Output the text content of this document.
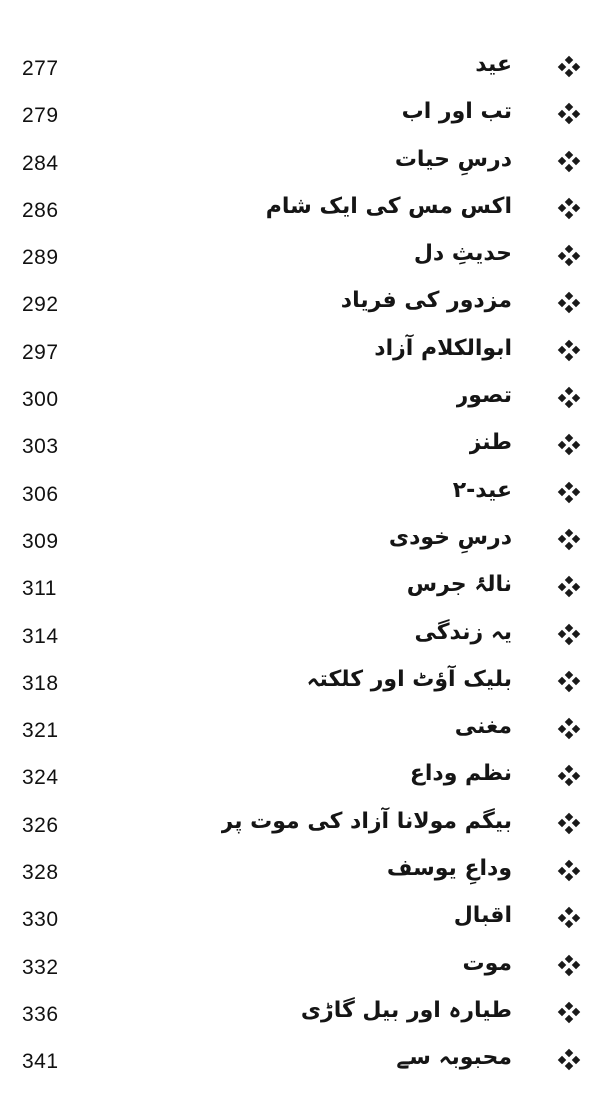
277	عید
279	تب اور اب
284	درسِ حیات
286	اکس مس کی ایک شام
289	حدیثِ دل
292	مزدور کی فریاد
297	ابوالکلام آزاد
300	تصور
303	طنز
306	عید-۲
309	درسِ خودی
311	نالۂ جرس
314	یہ زندگی
318	بلیک آؤٹ اور کلکتہ
321	مغنی
324	نظم وداع
326	بیگم مولانا آزاد کی موت پر
328	وداعِ یوسف
330	اقبال
332	موت
336	طیارہ اور بیل گاڑی
341	محبوبہ سے
